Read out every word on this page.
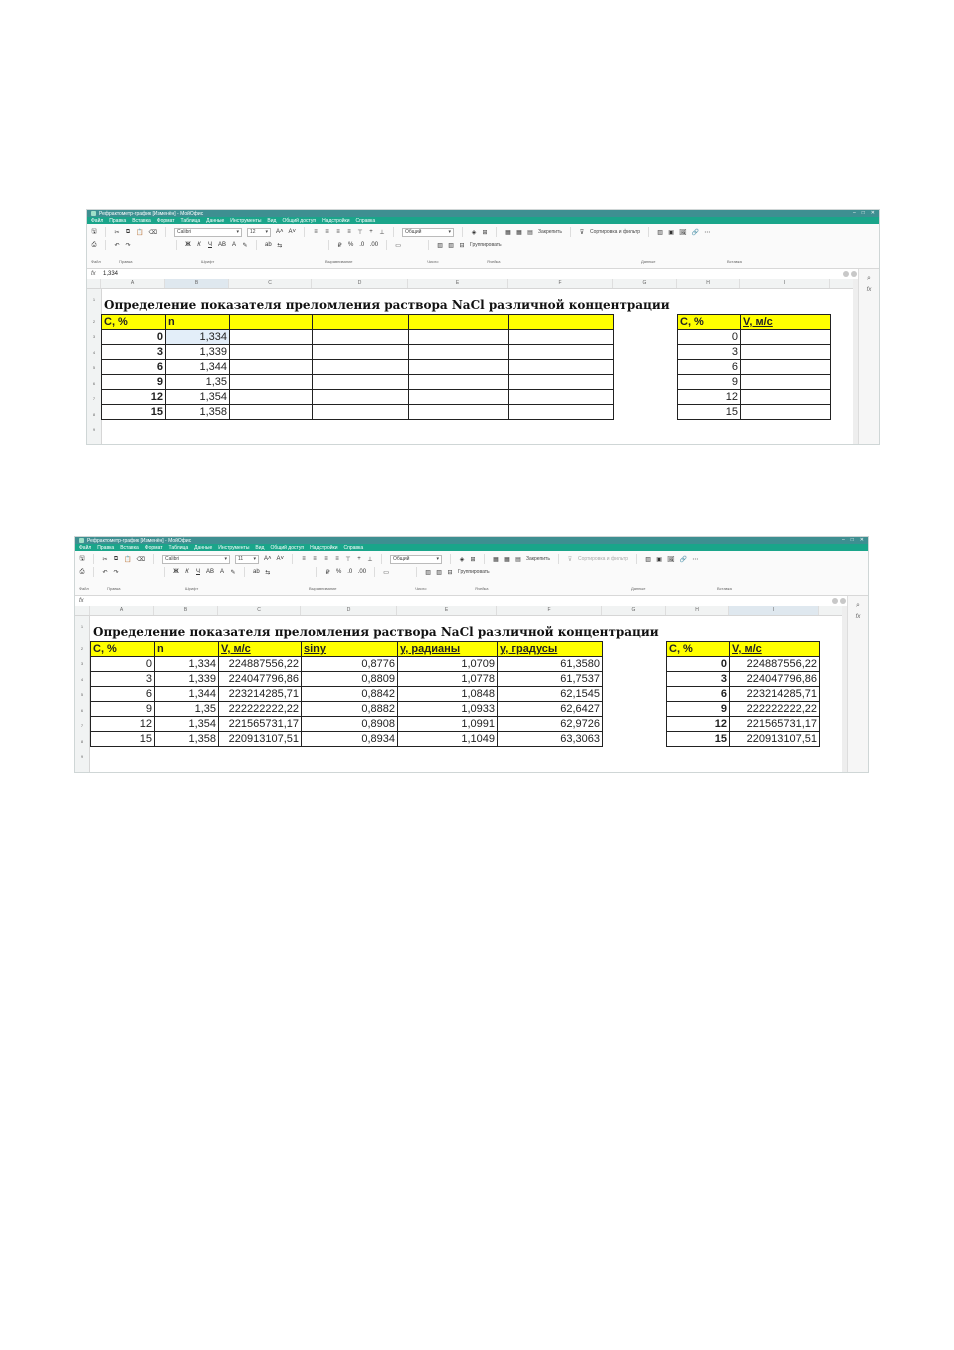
Рефрактометр-график [Изменён] - МойОфис	– □ ✕
Файл Правка Вставка Формат Таблица Данные Инструменты Вид Общий доступ Надстройки Справка
🖫	✂ ⧉ 📋 ⌫	Calibri	▾ 12 ▾ A˄ A˅	≡ ≡ ≡ ≡ ⊤ + ⊥	Общий	▾	◈ ⊞	▦ ▦ ▤ Закрепить	⊽ Сортировка и фильтр	▥ ▣ 🖼 🔗 ⋯
⎙	↶ ↷	Ж К Ч AB A ✎	ab ⇆	₽ % .0 .00	▭	▥ ▥ ⊟ Группировать
Файл	Правка	Шрифт	Выравнивание	Число	Ячейка	Данные	Вставка
fx	1,334
A	B	C	D	E	F	G	H	I
1
2
3
4
5
6
7
8
9
⌕
fx
Определение показателя преломления раствора NaCl различной концентрации
C, %	n				
0	1,334				
3	1,339				
6	1,344				
9	1,35				
12	1,354				
15	1,358				
C, %	V, м/с
0	
3	
6	
9	
12	
15	
Рефрактометр-график [Изменён] - МойОфис	– □ ✕
Файл Правка Вставка Формат Таблица Данные Инструменты Вид Общий доступ Надстройки Справка
🖫	✂ ⧉ 📋 ⌫	Calibri	▾ 11 ▾ A˄ A˅	≡ ≡ ≡ ≡ ⊤ + ⊥	Общий	▾	◈ ⊞	▦ ▦ ▤ Закрепить	⊽ Сортировка и фильтр	▥ ▣ 🖼 🔗 ⋯
⎙	↶ ↷	Ж К Ч AB A ✎	ab ⇆	₽ % .0 .00	▭	▥ ▥ ⊟ Группировать
Файл	Правка	Шрифт	Выравнивание	Число	Ячейка	Данные	Вставка
fx
A	B	C	D	E	F	G	H	I
1
2
3
4
5
6
7
8
9
⌕
fx
Определение показателя преломления раствора NaCl различной концентрации
C, %	n	V, м/с	siny	y, радианы	y, градусы
0	1,334	224887556,22	0,8776	1,0709	61,3580
3	1,339	224047796,86	0,8809	1,0778	61,7537
6	1,344	223214285,71	0,8842	1,0848	62,1545
9	1,35	222222222,22	0,8882	1,0933	62,6427
12	1,354	221565731,17	0,8908	1,0991	62,9726
15	1,358	220913107,51	0,8934	1,1049	63,3063
C, %	V, м/с
0	224887556,22
3	224047796,86
6	223214285,71
9	222222222,22
12	221565731,17
15	220913107,51
